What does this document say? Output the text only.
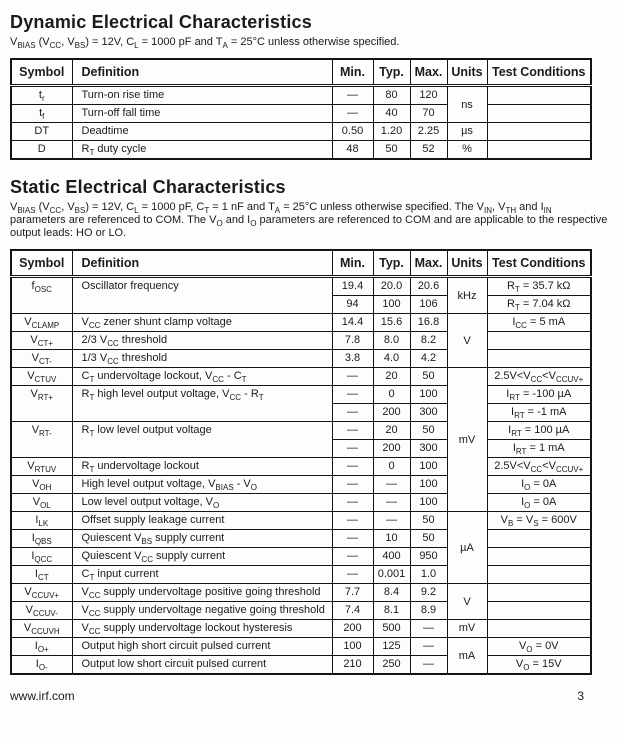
Dynamic Electrical Characteristics

$V_{BIAS}$ ($V_{CC}$, $V_{BS}) = 12V$, $C_L = 1000$ pF and $T_A = 25^\circ C$ unless otherwise specified.

Symbol	Definition	Min.	Typ.	Max.	Units	Test Conditions
$t_r$	Turn-on rise time	—	80	120	ns	
$t_f$	Turn-off fall time	—	40	70		
DT	Deadtime	0.50	1.20	2.25	µs	
D	$R_T$ duty cycle	48	50	52	%	
Static Electrical Characteristics

$V_{BIAS}$ ($V_{CC}$, $V_{BS}) = 12V$, $C_L = 1000$ pF, $C_T = 1$ nF and $T_A = 25^\circ C$ unless otherwise specified. The $V_{IN}$, $V_{TH}$ and $I_{IN}$ parameters are referenced to COM. The $V_O$ and $I_O$ parameters are referenced to COM and are applicable to the respective output leads: HO or LO.

Symbol	Definition	Min.	Typ.	Max.	Units	Test Conditions
$f_{OSC}$	Oscillator frequency	19.4	20.0	20.6	kHz	$R_T = 35.7$ kΩ
		94	100	106		$R_T = 7.04$ kΩ
$V_{CLAMP}$	$V_{CC}$ zener shunt clamp voltage	14.4	15.6	16.8	V	$I_{CC} = 5$ mA
$V_{CT+}$	2/3 $V_{CC}$ threshold	7.8	8.0	8.2		
$V_{CT-}$	1/3 $V_{CC}$ threshold	3.8	4.0	4.2		
$V_{CTUV}$	$C_T$ undervoltage lockout, $V_{CC} - C_T$	—	20	50	mV	$2.5V<V_{CC}<V_{CCUV+}$
$V_{RT+}$	$R_T$ high level output voltage, $V_{CC} - R_T$	—	0	100		$I_{RT} = -100$ µA
		—	200	300		$I_{RT} = -1$ mA
$V_{RT-}$	$R_T$ low level output voltage	—	20	50		$I_{RT} = 100$ µA
		—	200	300		$I_{RT} = 1$ mA
$V_{RTUV}$	$R_T$ undervoltage lockout	—	0	100		$2.5V<V_{CC}<V_{CCUV+}$
$V_{OH}$	High level output voltage, $V_{BIAS} - V_O$	—	—	100		$I_O = 0A$
$V_{OL}$	Low level output voltage, $V_O$	—	—	100		$I_O = 0A$
$I_{LK}$	Offset supply leakage current	—	—	50	µA	$V_B = V_S = 600V$
$I_{QBS}$	Quiescent $V_{BS}$ supply current	—	10	50		
$I_{QCC}$	Quiescent $V_{CC}$ supply current	—	400	950		
$I_{CT}$	$C_T$ input current	—	0.001	1.0		
$V_{CCUV+}$	$V_{CC}$ supply undervoltage positive going threshold	7.7	8.4	9.2	V	
$V_{CCUV-}$	$V_{CC}$ supply undervoltage negative going threshold	7.4	8.1	8.9		
$V_{CCUVH}$	$V_{CC}$ supply undervoltage lockout hysteresis	200	500	—	mV	
$I_{O+}$	Output high short circuit pulsed current	100	125	—	mA	$V_O = 0V$
$I_{O-}$	Output low short circuit pulsed current	210	250	—		$V_O = 15V$
www.irf.com	3
